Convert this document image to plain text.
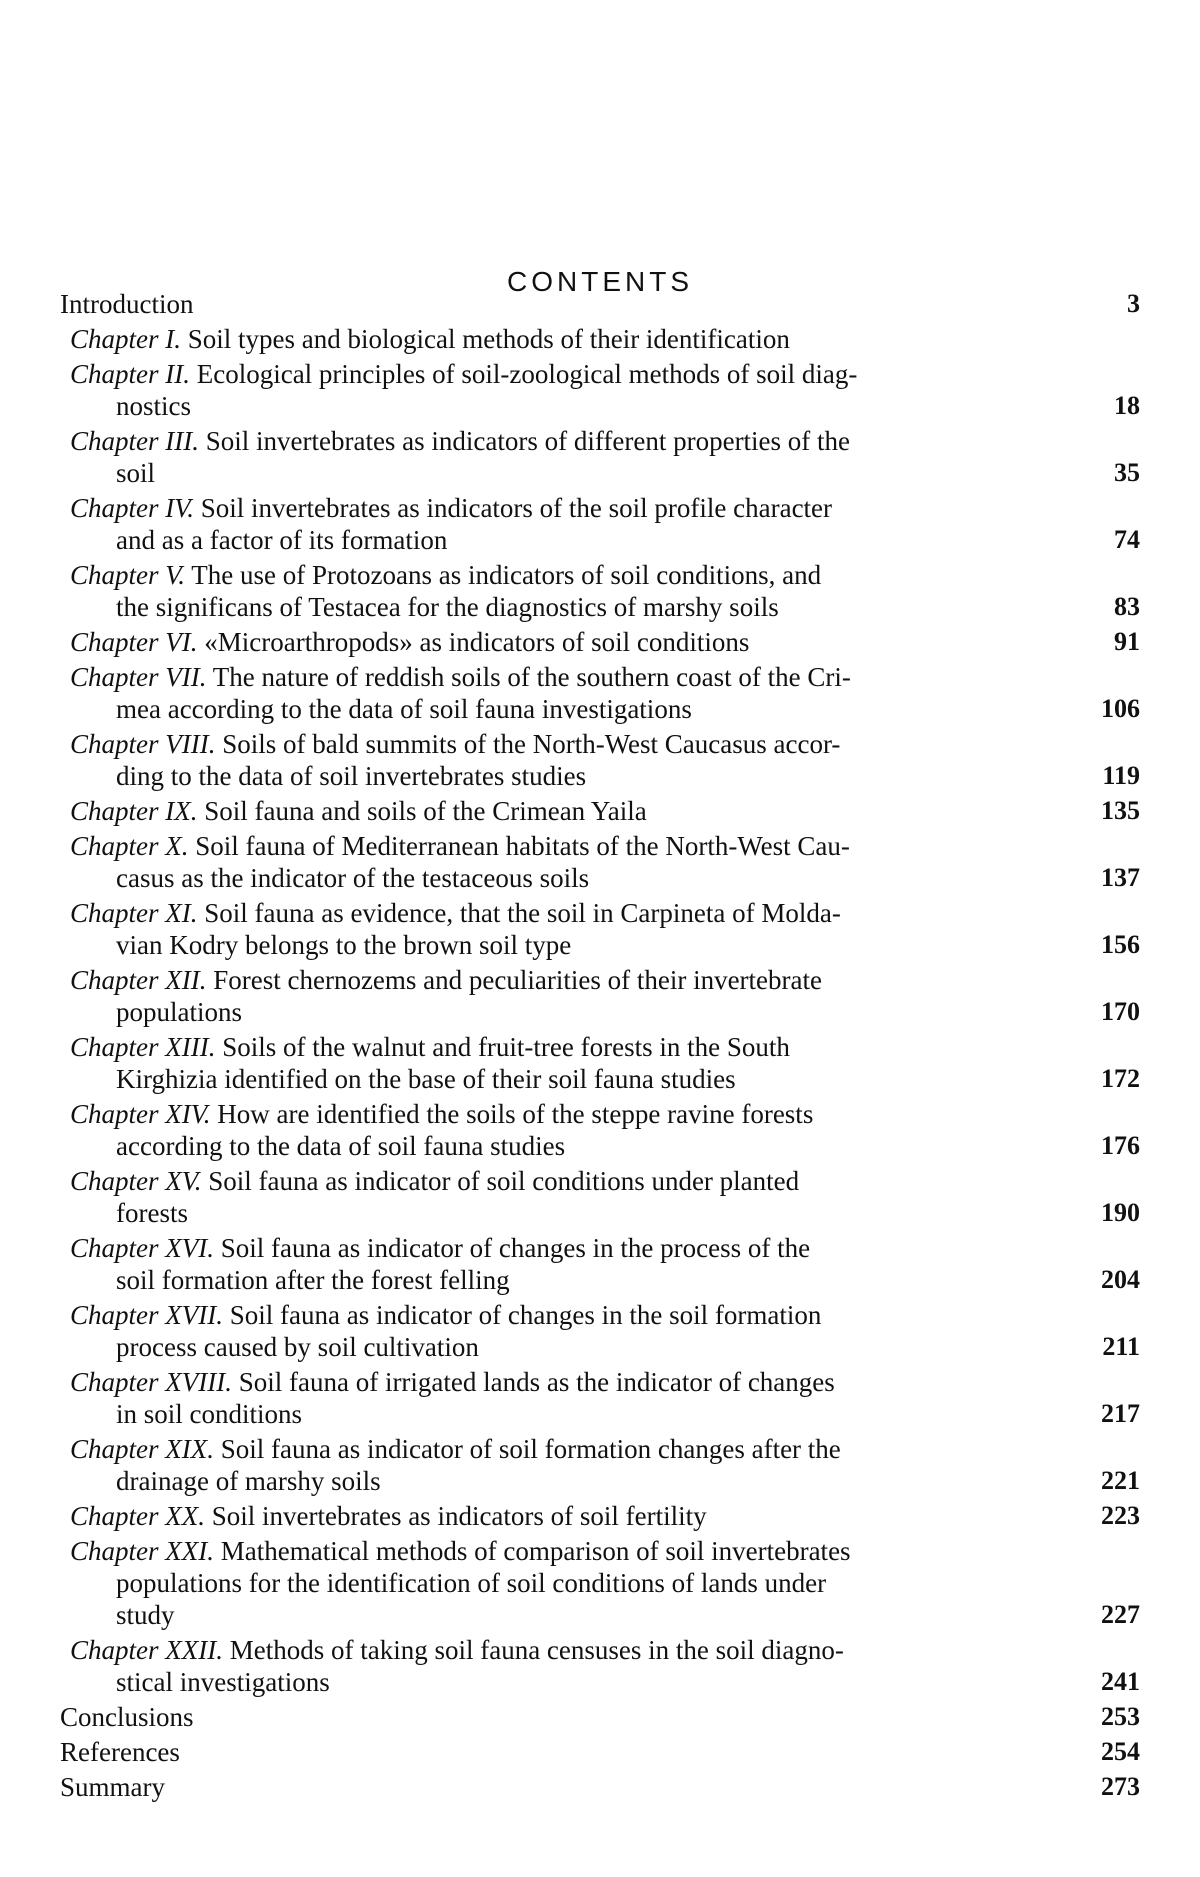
CONTENTS
Introduction	3
Chapter I. Soil types and biological methods of their identification
Chapter II. Ecological principles of soil-zoological methods of soil diag-
nostics	18
Chapter III. Soil invertebrates as indicators of different properties of the
soil	35
Chapter IV. Soil invertebrates as indicators of the soil profile character
and as a factor of its formation	74
Chapter V. The use of Protozoans as indicators of soil conditions, and
the significans of Testacea for the diagnostics of marshy soils	83
Chapter VI. «Microarthropods» as indicators of soil conditions	91
Chapter VII. The nature of reddish soils of the southern coast of the Cri-
mea according to the data of soil fauna investigations	106
Chapter VIII. Soils of bald summits of the North-West Caucasus accor-
ding to the data of soil invertebrates studies	119
Chapter IX. Soil fauna and soils of the Crimean Yaila	135
Chapter X. Soil fauna of Mediterranean habitats of the North-West Cau-
casus as the indicator of the testaceous soils	137
Chapter XI. Soil fauna as evidence, that the soil in Carpineta of Molda-
vian Kodry belongs to the brown soil type	156
Chapter XII. Forest chernozems and peculiarities of their invertebrate
populations	170
Chapter XIII. Soils of the walnut and fruit-tree forests in the South
Kirghizia identified on the base of their soil fauna studies	172
Chapter XIV. How are identified the soils of the steppe ravine forests
according to the data of soil fauna studies	176
Chapter XV. Soil fauna as indicator of soil conditions under planted
forests	190
Chapter XVI. Soil fauna as indicator of changes in the process of the
soil formation after the forest felling	204
Chapter XVII. Soil fauna as indicator of changes in the soil formation
process caused by soil cultivation	211
Chapter XVIII. Soil fauna of irrigated lands as the indicator of changes
in soil conditions	217
Chapter XIX. Soil fauna as indicator of soil formation changes after the
drainage of marshy soils	221
Chapter XX. Soil invertebrates as indicators of soil fertility	223
Chapter XXI. Mathematical methods of comparison of soil invertebrates
populations for the identification of soil conditions of lands under
study	227
Chapter XXII. Methods of taking soil fauna censuses in the soil diagno-
stical investigations	241
Conclusions	253
References	254
Summary	273
